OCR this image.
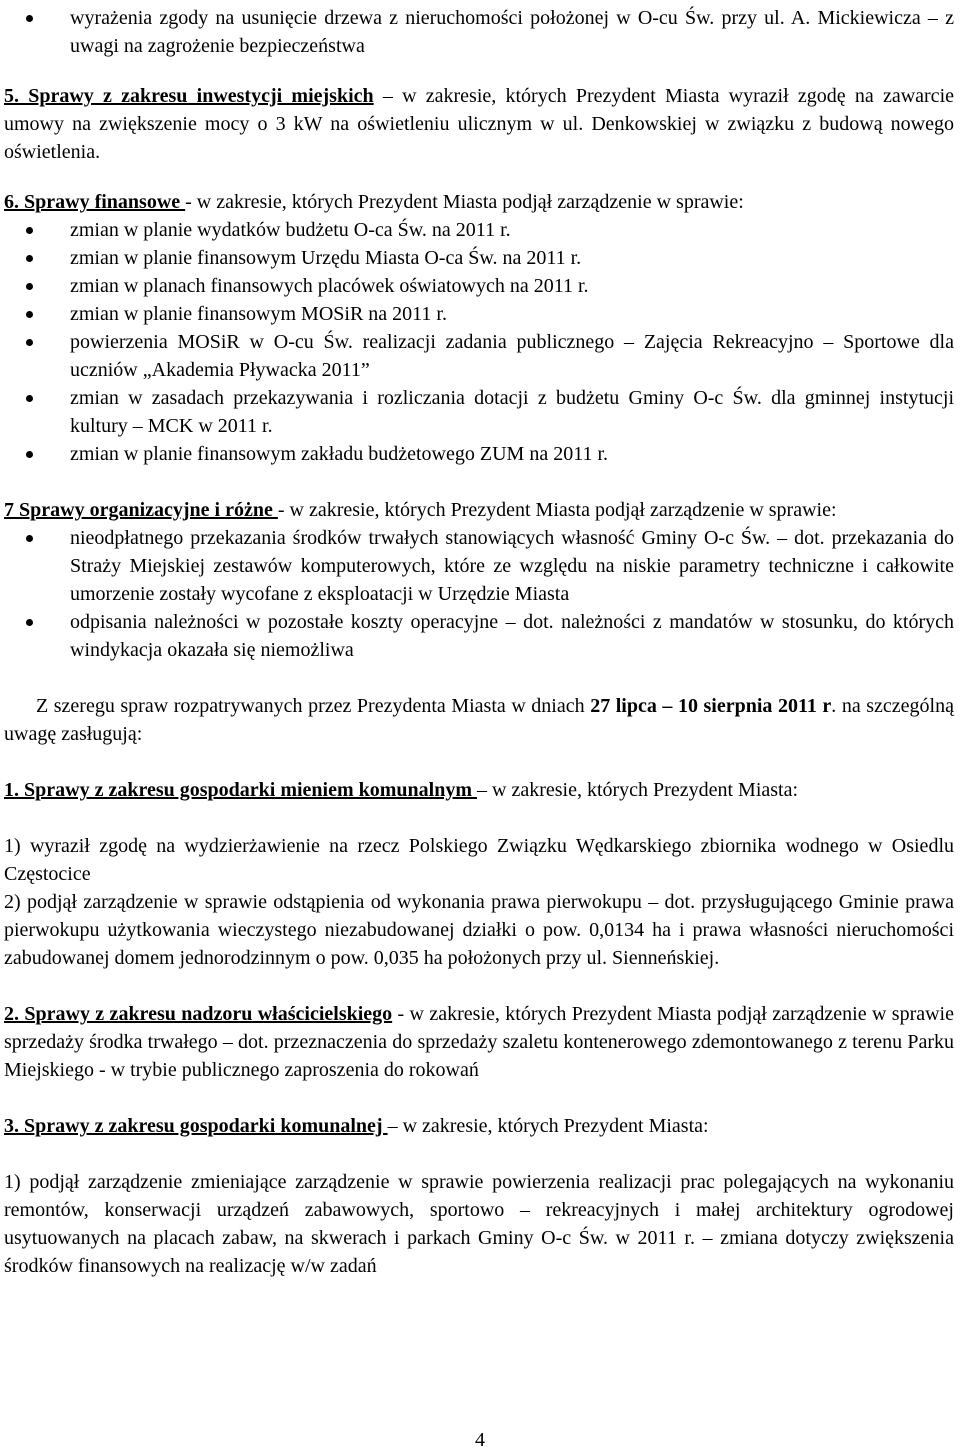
wyrażenia zgody na usunięcie drzewa z nieruchomości położonej w O-cu Św. przy ul. A. Mickiewicza – z uwagi na zagrożenie bezpieczeństwa

5. Sprawy z zakresu inwestycji miejskich – w zakresie, których Prezydent Miasta wyraził zgodę na zawarcie umowy na zwiększenie mocy o 3 kW na oświetleniu ulicznym w ul. Denkowskiej w związku z budową nowego oświetlenia.

6. Sprawy finansowe - w zakresie, których Prezydent Miasta podjął zarządzenie w sprawie:

zmian w planie wydatków budżetu O-ca Św. na 2011 r.
zmian w planie finansowym Urzędu Miasta O-ca Św. na 2011 r.
zmian w planach finansowych placówek oświatowych na 2011 r.
zmian w planie finansowym MOSiR na 2011 r.
powierzenia MOSiR w O-cu Św. realizacji zadania publicznego – Zajęcia Rekreacyjno – Sportowe dla uczniów „Akademia Pływacka 2011”
zmian w zasadach przekazywania i rozliczania dotacji z budżetu Gminy O-c Św. dla gminnej instytucji kultury – MCK w 2011 r.
zmian w planie finansowym zakładu budżetowego ZUM na 2011 r.

7 Sprawy organizacyjne i różne - w zakresie, których Prezydent Miasta podjął zarządzenie w sprawie:

nieodpłatnego przekazania środków trwałych stanowiących własność Gminy O-c Św. – dot. przekazania do Straży Miejskiej zestawów komputerowych, które ze względu na niskie parametry techniczne i całkowite umorzenie zostały wycofane z eksploatacji w Urzędzie Miasta
odpisania należności w pozostałe koszty operacyjne – dot. należności z mandatów w stosunku, do których windykacja okazała się niemożliwa

Z szeregu spraw rozpatrywanych przez Prezydenta Miasta w dniach 27 lipca – 10 sierpnia 2011 r. na szczególną uwagę zasługują:

1. Sprawy z zakresu gospodarki mieniem komunalnym – w zakresie, których Prezydent Miasta:

1) wyraził zgodę na wydzierżawienie na rzecz Polskiego Związku Wędkarskiego zbiornika wodnego w Osiedlu Częstocice

2) podjął zarządzenie w sprawie odstąpienia od wykonania prawa pierwokupu – dot. przysługującego Gminie prawa pierwokupu użytkowania wieczystego niezabudowanej działki o pow. 0,0134 ha i prawa własności nieruchomości zabudowanej domem jednorodzinnym o pow. 0,035 ha położonych przy ul. Sienneńskiej.

2. Sprawy z zakresu nadzoru właścicielskiego - w zakresie, których Prezydent Miasta podjął zarządzenie w sprawie sprzedaży środka trwałego – dot. przeznaczenia do sprzedaży szaletu kontenerowego zdemontowanego z terenu Parku Miejskiego - w trybie publicznego zaproszenia do rokowań

3. Sprawy z zakresu gospodarki komunalnej – w zakresie, których Prezydent Miasta:

1) podjął zarządzenie zmieniające zarządzenie w sprawie powierzenia realizacji prac polegających na wykonaniu remontów, konserwacji urządzeń zabawowych, sportowo – rekreacyjnych i małej architektury ogrodowej usytuowanych na placach zabaw, na skwerach i parkach Gminy O-c Św. w 2011 r. – zmiana dotyczy zwiększenia środków finansowych na realizację w/w zadań

4
